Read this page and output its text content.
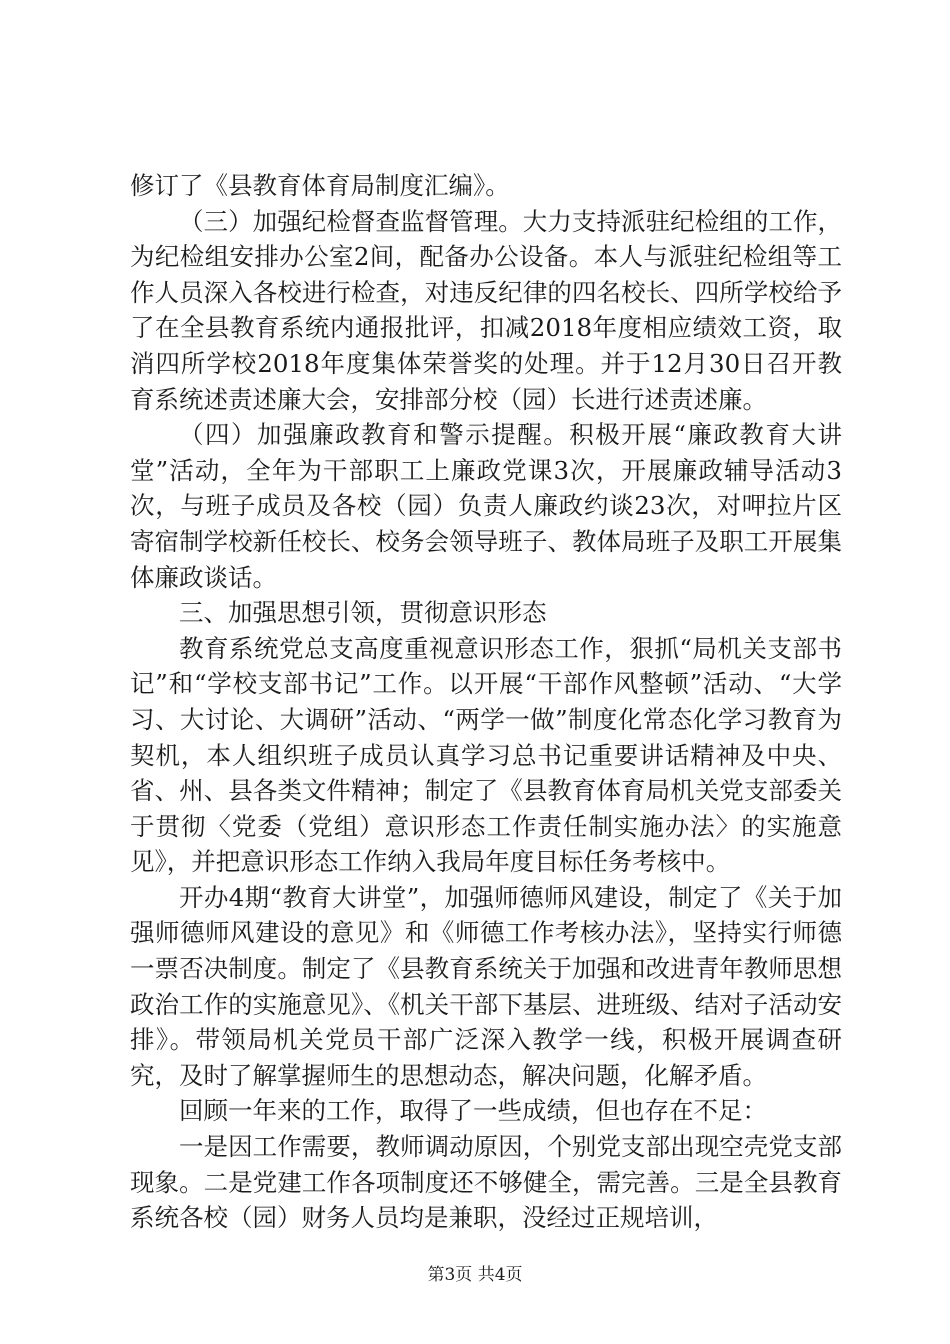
修订了《县教育体育局制度汇编》。

（三）加强纪检督查监督管理。大力支持派驻纪检组的工作，为纪检组安排办公室2间，配备办公设备。本人与派驻纪检组等工作人员深入各校进行检查，对违反纪律的四名校长、四所学校给予了在全县教育系统内通报批评，扣减2018年度相应绩效工资，取消四所学校2018年度集体荣誉奖的处理。并于12月30日召开教育系统述责述廉大会，安排部分校（园）长进行述责述廉。

（四）加强廉政教育和警示提醒。积极开展“廉政教育大讲堂”活动，全年为干部职工上廉政党课3次，开展廉政辅导活动3次，与班子成员及各校（园）负责人廉政约谈23次，对呷拉片区寄宿制学校新任校长、校务会领导班子、教体局班子及职工开展集体廉政谈话。

三、加强思想引领，贯彻意识形态

教育系统党总支高度重视意识形态工作，狠抓“局机关支部书记”和“学校支部书记”工作。以开展“干部作风整顿”活动、“大学习、大讨论、大调研”活动、“两学一做”制度化常态化学习教育为契机，本人组织班子成员认真学习总书记重要讲话精神及中央、省、州、县各类文件精神；制定了《县教育体育局机关党支部委关于贯彻〈党委（党组）意识形态工作责任制实施办法〉的实施意见》，并把意识形态工作纳入我局年度目标任务考核中。

开办4期“教育大讲堂”，加强师德师风建设，制定了《关于加强师德师风建设的意见》和《师德工作考核办法》，坚持实行师德一票否决制度。制定了《县教育系统关于加强和改进青年教师思想政治工作的实施意见》、《机关干部下基层、进班级、结对子活动安排》。带领局机关党员干部广泛深入教学一线，积极开展调查研究，及时了解掌握师生的思想动态，解决问题，化解矛盾。

回顾一年来的工作，取得了一些成绩，但也存在不足：

一是因工作需要，教师调动原因，个别党支部出现空壳党支部现象。二是党建工作各项制度还不够健全，需完善。三是全县教育系统各校（园）财务人员均是兼职，没经过正规培训，

第3页 共4页
